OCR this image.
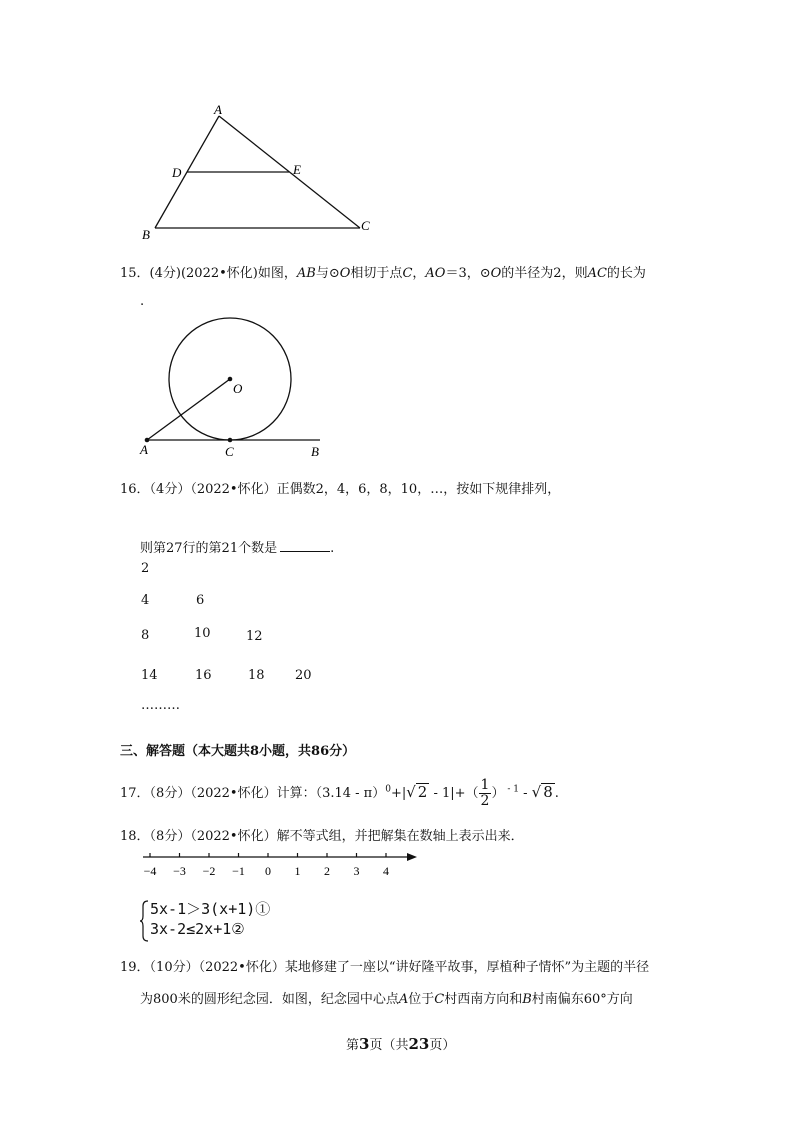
A
D	E
B
C
15．(4分)(2022•怀化)如图，AB与⊙O相切于点C，AO＝3，⊙O的半径为2，则AC的长为
.
O
A	C	B
16．（4分）（2022•怀化）正偶数2，4，6，8，10，…，按如下规律排列，
则第27行的第21个数是	.
2
4	6
8	10	12
14	16	18 20
………
三、解答题（本大题共8小题，共86分）
17．（8分）（2022•怀化）计算：（3.14 - π）$^0$+|√ $2 - 1|+( \frac{1}{2}$ ） $^{- 1}$ - √ 8 .
18．（8分）（2022•怀化）解不等式组，并把解集在数轴上表示出来．
−4 −3 −2 −1 0 1 2 3 4
5x-1＞3(x+1)①
3x-2≤2x+1②
19．（10分）（2022•怀化）某地修建了一座以“讲好隆平故事，厚植种子情怀”为主题的半径
为800米的圆形纪念园．如图，纪念园中心点A位于C村西南方向和B村南偏东60°方向
第3页（共23页）
